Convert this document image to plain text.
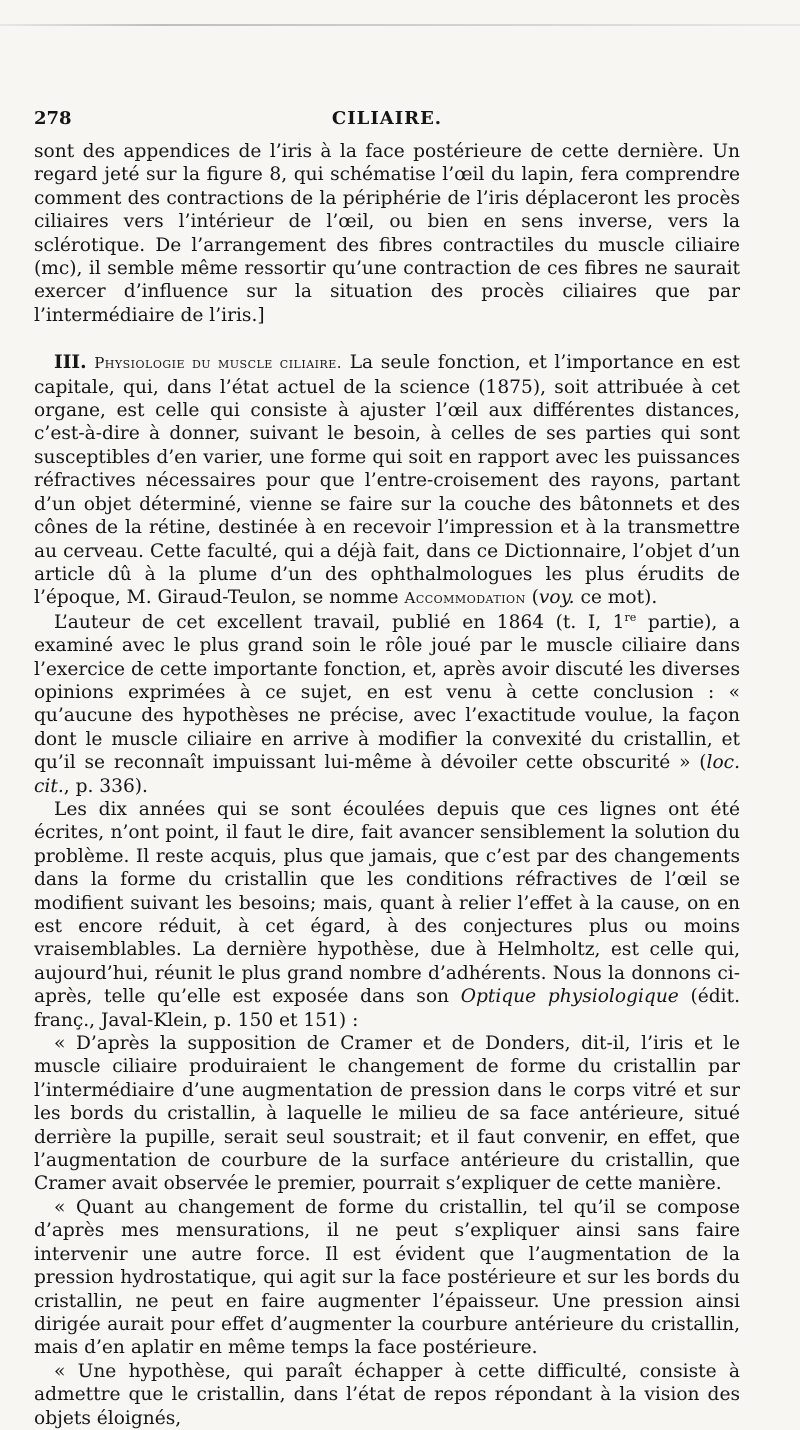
278	CILIAIRE.

sont des appendices de l’iris à la face postérieure de cette dernière. Un regard jeté sur la figure 8, qui schématise l’œil du lapin, fera comprendre comment des contractions de la périphérie de l’iris déplaceront les procès ciliaires vers l’intérieur de l’œil, ou bien en sens inverse, vers la sclérotique. De l’arrangement des fibres contractiles du muscle ciliaire (mc), il semble même ressortir qu’une contraction de ces fibres ne saurait exercer d’influence sur la situation des procès ciliaires que par l’intermédiaire de l’iris.]

III. Physiologie du muscle ciliaire. La seule fonction, et l’importance en est capitale, qui, dans l’état actuel de la science (1875), soit attribuée à cet organe, est celle qui consiste à ajuster l’œil aux différentes distances, c’est-à-dire à donner, suivant le besoin, à celles de ses parties qui sont susceptibles d’en varier, une forme qui soit en rapport avec les puissances réfractives nécessaires pour que l’entre-croisement des rayons, partant d’un objet déterminé, vienne se faire sur la couche des bâtonnets et des cônes de la rétine, destinée à en recevoir l’impression et à la transmettre au cerveau. Cette faculté, qui a déjà fait, dans ce Dictionnaire, l’objet d’un article dû à la plume d’un des ophthalmologues les plus érudits de l’époque, M. Giraud-Teulon, se nomme Accommodation (voy. ce mot).

L’auteur de cet excellent travail, publié en 1864 (t. I, 1re partie), a examiné avec le plus grand soin le rôle joué par le muscle ciliaire dans l’exercice de cette importante fonction, et, après avoir discuté les diverses opinions exprimées à ce sujet, en est venu à cette conclusion : « qu’aucune des hypothèses ne précise, avec l’exactitude voulue, la façon dont le muscle ciliaire en arrive à modifier la convexité du cristallin, et qu’il se reconnaît impuissant lui-même à dévoiler cette obscurité » (loc. cit., p. 336).

Les dix années qui se sont écoulées depuis que ces lignes ont été écrites, n’ont point, il faut le dire, fait avancer sensiblement la solution du problème. Il reste acquis, plus que jamais, que c’est par des changements dans la forme du cristallin que les conditions réfractives de l’œil se modifient suivant les besoins; mais, quant à relier l’effet à la cause, on en est encore réduit, à cet égard, à des conjectures plus ou moins vraisemblables. La dernière hypothèse, due à Helmholtz, est celle qui, aujourd’hui, réunit le plus grand nombre d’adhérents. Nous la donnons ci-après, telle qu’elle est exposée dans son Optique physiologique (édit. franç., Javal-Klein, p. 150 et 151) :

« D’après la supposition de Cramer et de Donders, dit-il, l’iris et le muscle ciliaire produiraient le changement de forme du cristallin par l’intermédiaire d’une augmentation de pression dans le corps vitré et sur les bords du cristallin, à laquelle le milieu de sa face antérieure, situé derrière la pupille, serait seul soustrait; et il faut convenir, en effet, que l’augmentation de courbure de la surface antérieure du cristallin, que Cramer avait observée le premier, pourrait s’expliquer de cette manière.

« Quant au changement de forme du cristallin, tel qu’il se compose d’après mes mensurations, il ne peut s’expliquer ainsi sans faire intervenir une autre force. Il est évident que l’augmentation de la pression hydrostatique, qui agit sur la face postérieure et sur les bords du cristallin, ne peut en faire augmenter l’épaisseur. Une pression ainsi dirigée aurait pour effet d’augmenter la courbure antérieure du cristallin, mais d’en aplatir en même temps la face postérieure.

« Une hypothèse, qui paraît échapper à cette difficulté, consiste à admettre que le cristallin, dans l’état de repos répondant à la vision des objets éloignés,
